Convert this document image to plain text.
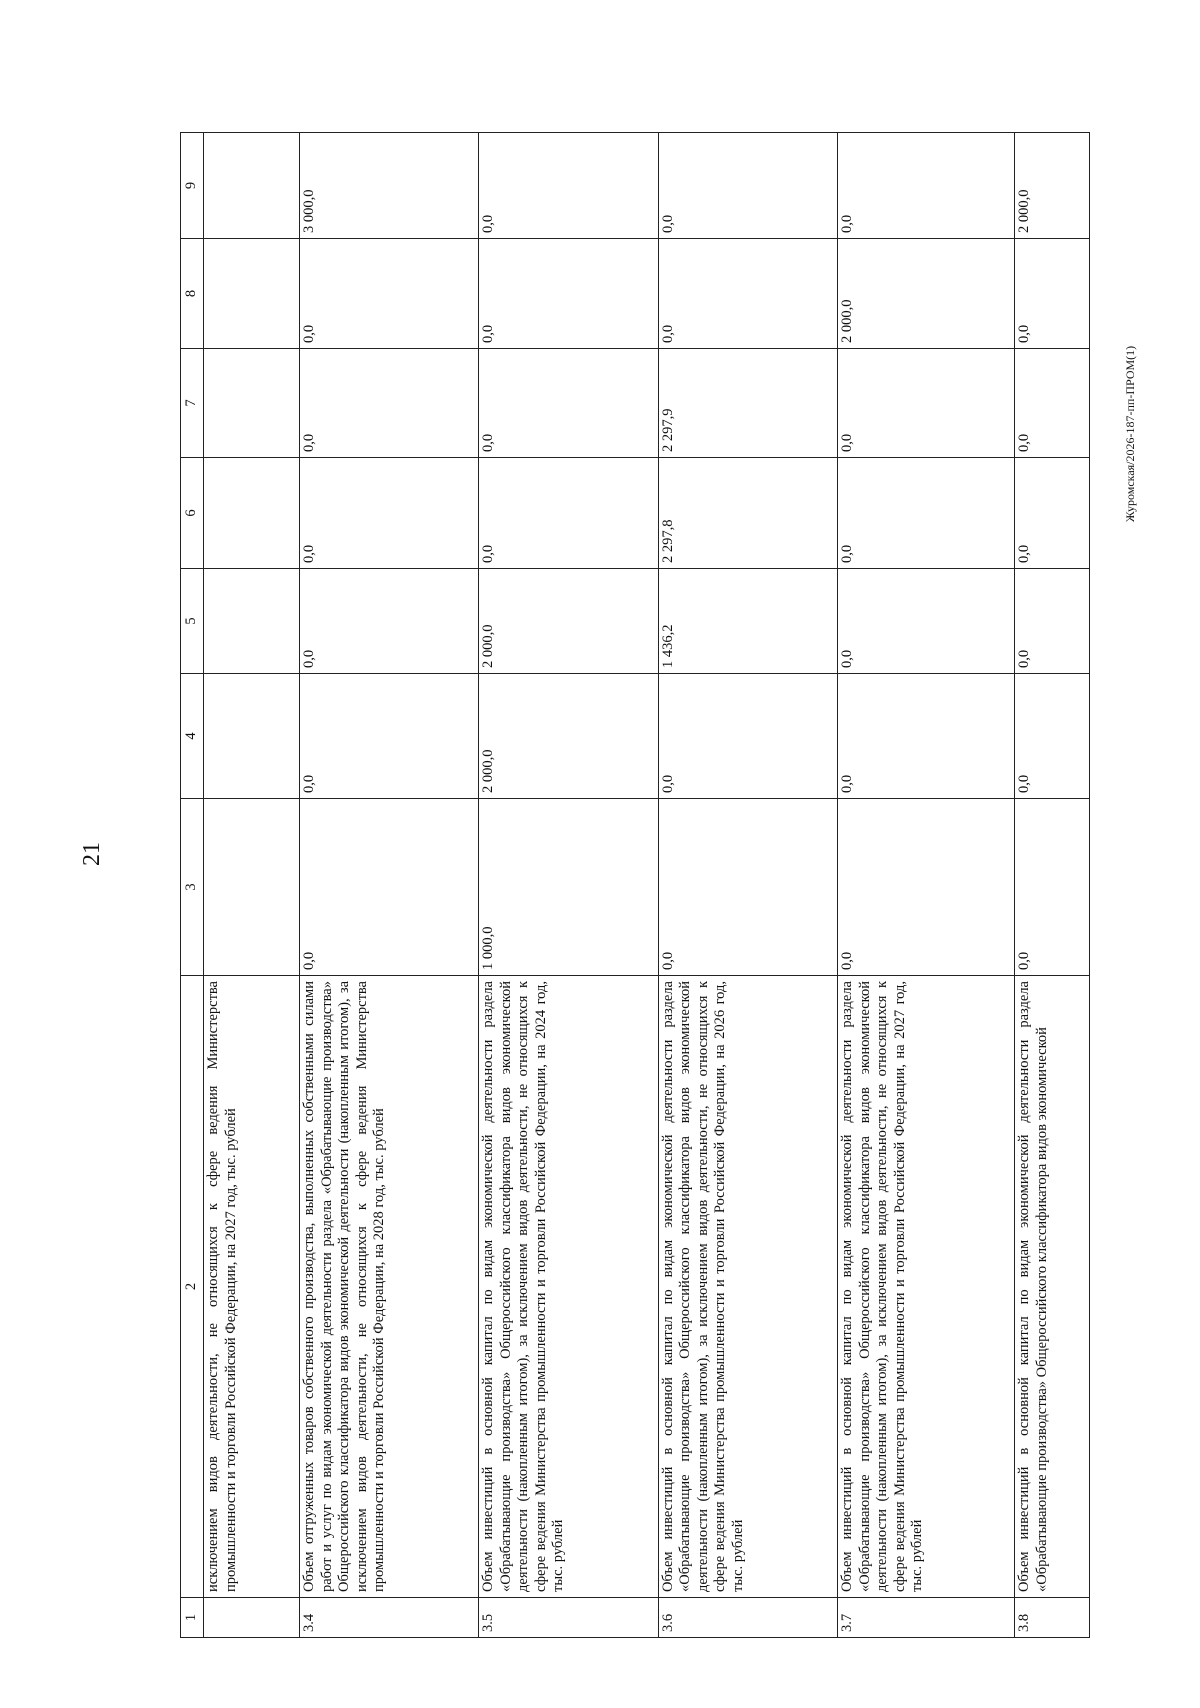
21
1	2	3	4	5	6	7	8	9
	исключением видов деятельности, не относящихся к сфере ведения Министерства промышленности и торговли Российской Федерации, на 2027 год, тыс. рублей							
3.4	Объем отгруженных товаров собственного производства, выполненных собственными силами работ и услуг по видам экономической деятельности раздела «Обрабатывающие производства» Общероссийского классификатора видов экономической деятельности (накопленным итогом), за исключением видов деятельности, не относящихся к сфере ведения Министерства промышленности и торговли Российской Федерации, на 2028 год, тыс. рублей	0,0	0,0	0,0	0,0	0,0	0,0	3 000,0
3.5	Объем инвестиций в основной капитал по видам экономической деятельности раздела «Обрабатывающие производства» Общероссийского классификатора видов экономической деятельности (накопленным итогом), за исключением видов деятельности, не относящихся к сфере ведения Министерства промышленности и торговли Российской Федерации, на 2024 год, тыс. рублей	1 000,0	2 000,0	2 000,0	0,0	0,0	0,0	0,0
3.6	Объем инвестиций в основной капитал по видам экономической деятельности раздела «Обрабатывающие производства» Общероссийского классификатора видов экономической деятельности (накопленным итогом), за исключением видов деятельности, не относящихся к сфере ведения Министерства промышленности и торговли Российской Федерации, на 2026 год, тыс. рублей	0,0	0,0	1 436,2	2 297,8	2 297,9	0,0	0,0
3.7	Объем инвестиций в основной капитал по видам экономической деятельности раздела «Обрабатывающие производства» Общероссийского классификатора видов экономической деятельности (накопленным итогом), за исключением видов деятельности, не относящихся к сфере ведения Министерства промышленности и торговли Российской Федерации, на 2027 год, тыс. рублей	0,0	0,0	0,0	0,0	0,0	2 000,0	0,0
3.8	Объем инвестиций в основной капитал по видам экономической деятельности раздела «Обрабатывающие производства» Общероссийского классификатора видов экономической	0,0	0,0	0,0	0,0	0,0	0,0	2 000,0
Журомская/2026-187-пп-ПРОМ(1)
